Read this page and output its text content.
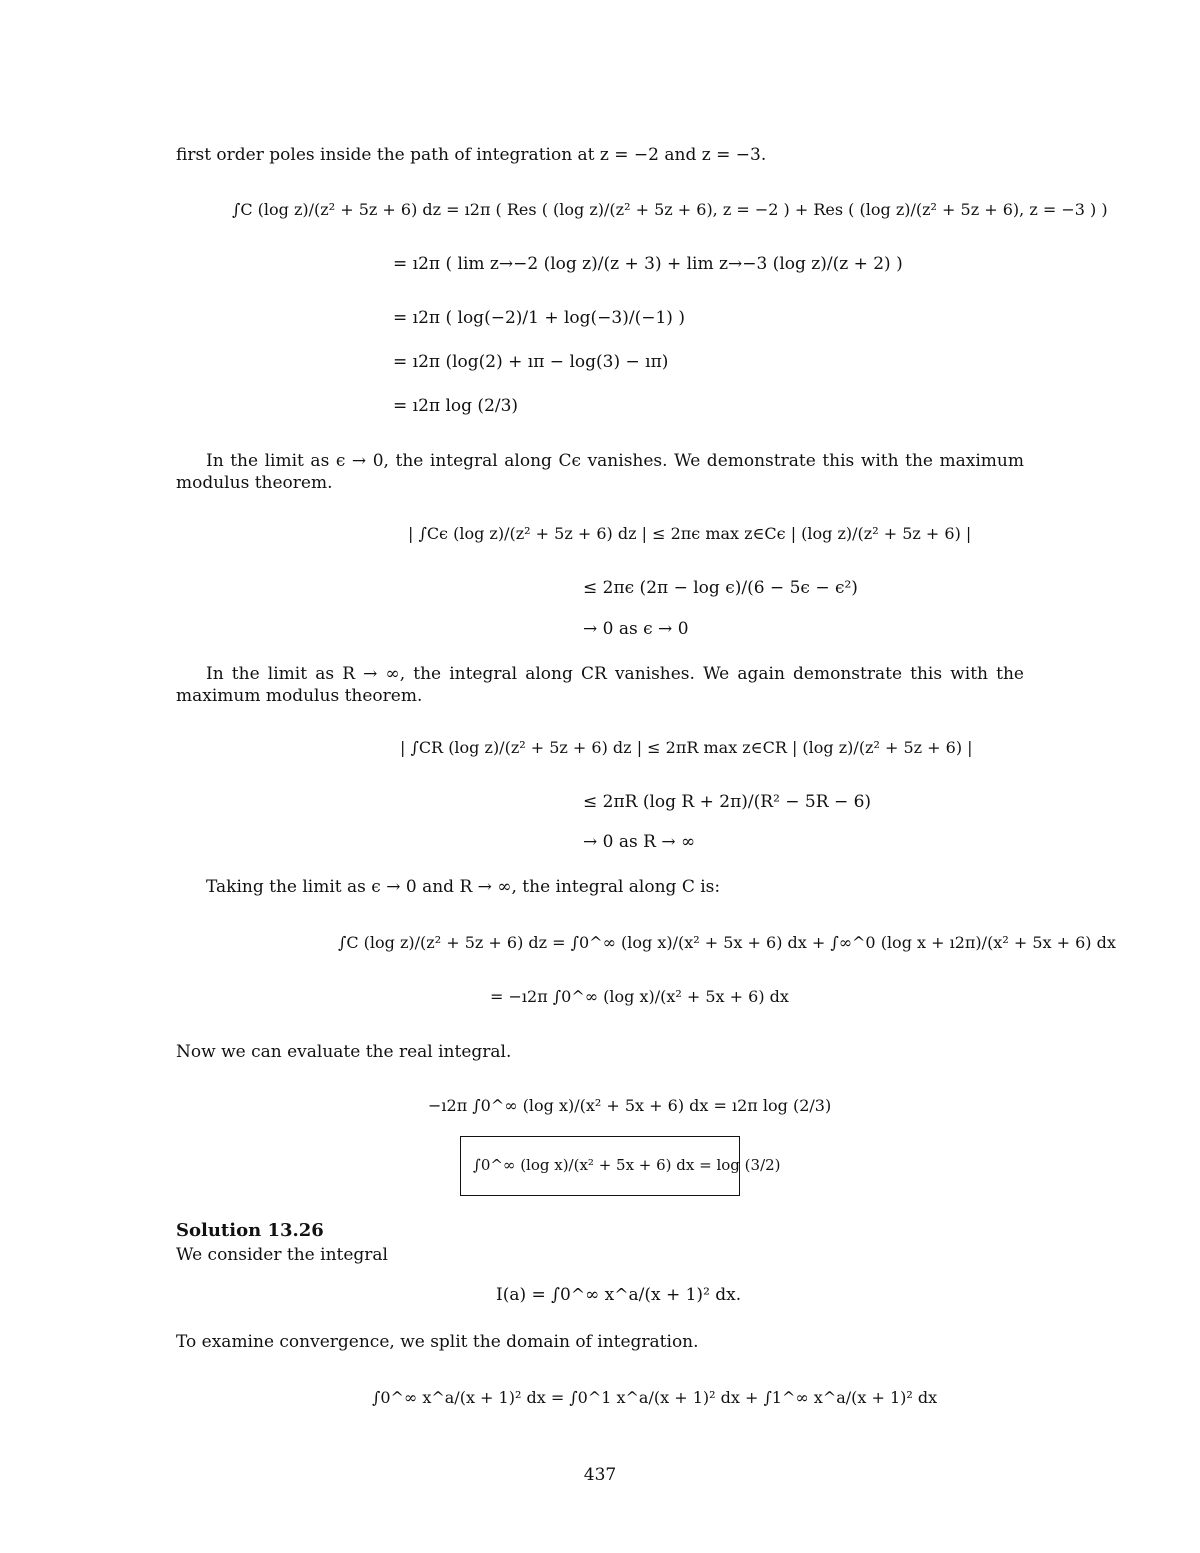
first order poles inside the path of integration at z = −2 and z = −3.
∫C (log z)/(z² + 5z + 6) dz = ı2π ( Res ( (log z)/(z² + 5z + 6), z = −2 ) + Res ( (log z)/(z² + 5z + 6), z = −3 ) )
= ı2π ( lim z→−2 (log z)/(z + 3) + lim z→−3 (log z)/(z + 2) )
= ı2π ( log(−2)/1 + log(−3)/(−1) )
= ı2π (log(2) + ıπ − log(3) − ıπ)
= ı2π log (2/3)
In the limit as ϵ → 0, the integral along Cϵ vanishes. We demonstrate this with the maximum modulus theorem.
| ∫Cϵ (log z)/(z² + 5z + 6) dz | ≤ 2πϵ max z∈Cϵ | (log z)/(z² + 5z + 6) |
≤ 2πϵ (2π − log ϵ)/(6 − 5ϵ − ϵ²)
→ 0 as ϵ → 0
In the limit as R → ∞, the integral along CR vanishes. We again demonstrate this with the maximum modulus theorem.
| ∫CR (log z)/(z² + 5z + 6) dz | ≤ 2πR max z∈CR | (log z)/(z² + 5z + 6) |
≤ 2πR (log R + 2π)/(R² − 5R − 6)
→ 0 as R → ∞
Taking the limit as ϵ → 0 and R → ∞, the integral along C is:
∫C (log z)/(z² + 5z + 6) dz = ∫0^∞ (log x)/(x² + 5x + 6) dx + ∫∞^0 (log x + ı2π)/(x² + 5x + 6) dx
= −ı2π ∫0^∞ (log x)/(x² + 5x + 6) dx
Now we can evaluate the real integral.
−ı2π ∫0^∞ (log x)/(x² + 5x + 6) dx = ı2π log (2/3)
∫0^∞ (log x)/(x² + 5x + 6) dx = log (3/2)
Solution 13.26
We consider the integral
I(a) = ∫0^∞ x^a/(x + 1)² dx.
To examine convergence, we split the domain of integration.
∫0^∞ x^a/(x + 1)² dx = ∫0^1 x^a/(x + 1)² dx + ∫1^∞ x^a/(x + 1)² dx
437
